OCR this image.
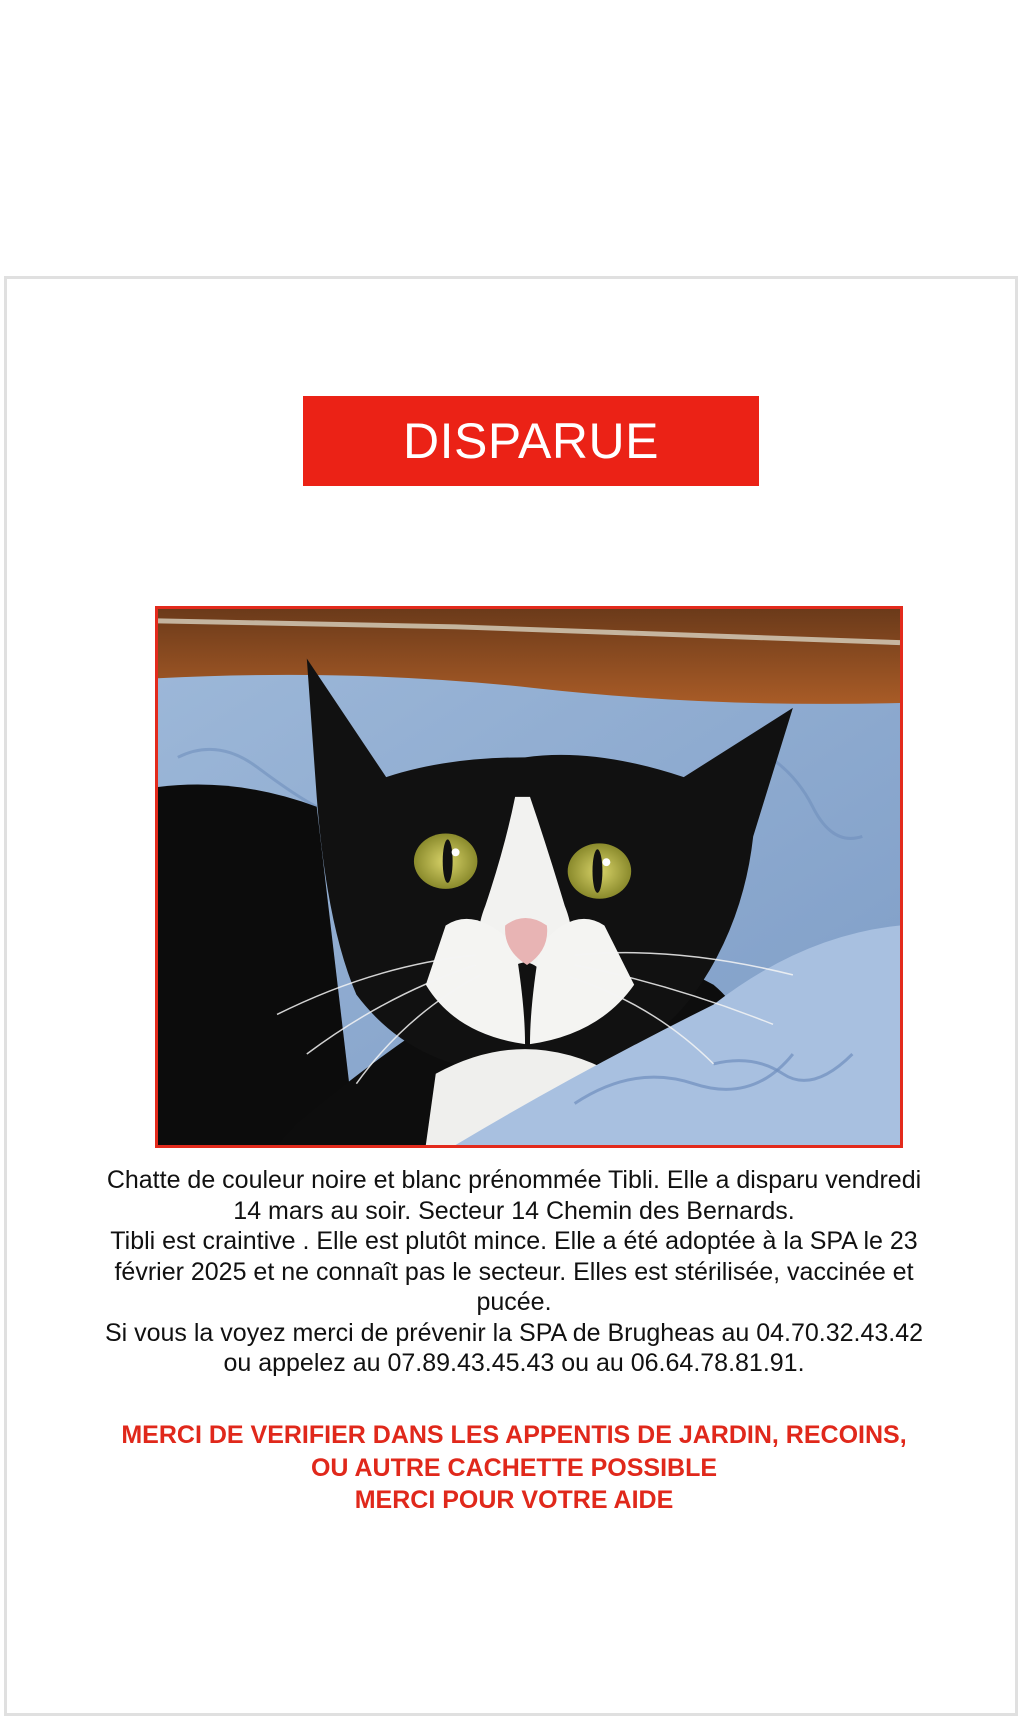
DISPARUE

Chatte de couleur noire et blanc prénommée Tibli. Elle a disparu vendredi

14 mars au soir. Secteur 14 Chemin des Bernards.

Tibli est craintive . Elle est plutôt mince. Elle a été adoptée à la SPA le 23

février 2025 et ne connaît pas le secteur. Elles est stérilisée, vaccinée et

pucée.

Si vous la voyez merci de prévenir la SPA de Brugheas au 04.70.32.43.42

ou appelez au 07.89.43.45.43 ou au 06.64.78.81.91.

MERCI DE VERIFIER DANS LES APPENTIS DE JARDIN, RECOINS,

OU AUTRE CACHETTE POSSIBLE

MERCI POUR VOTRE AIDE
